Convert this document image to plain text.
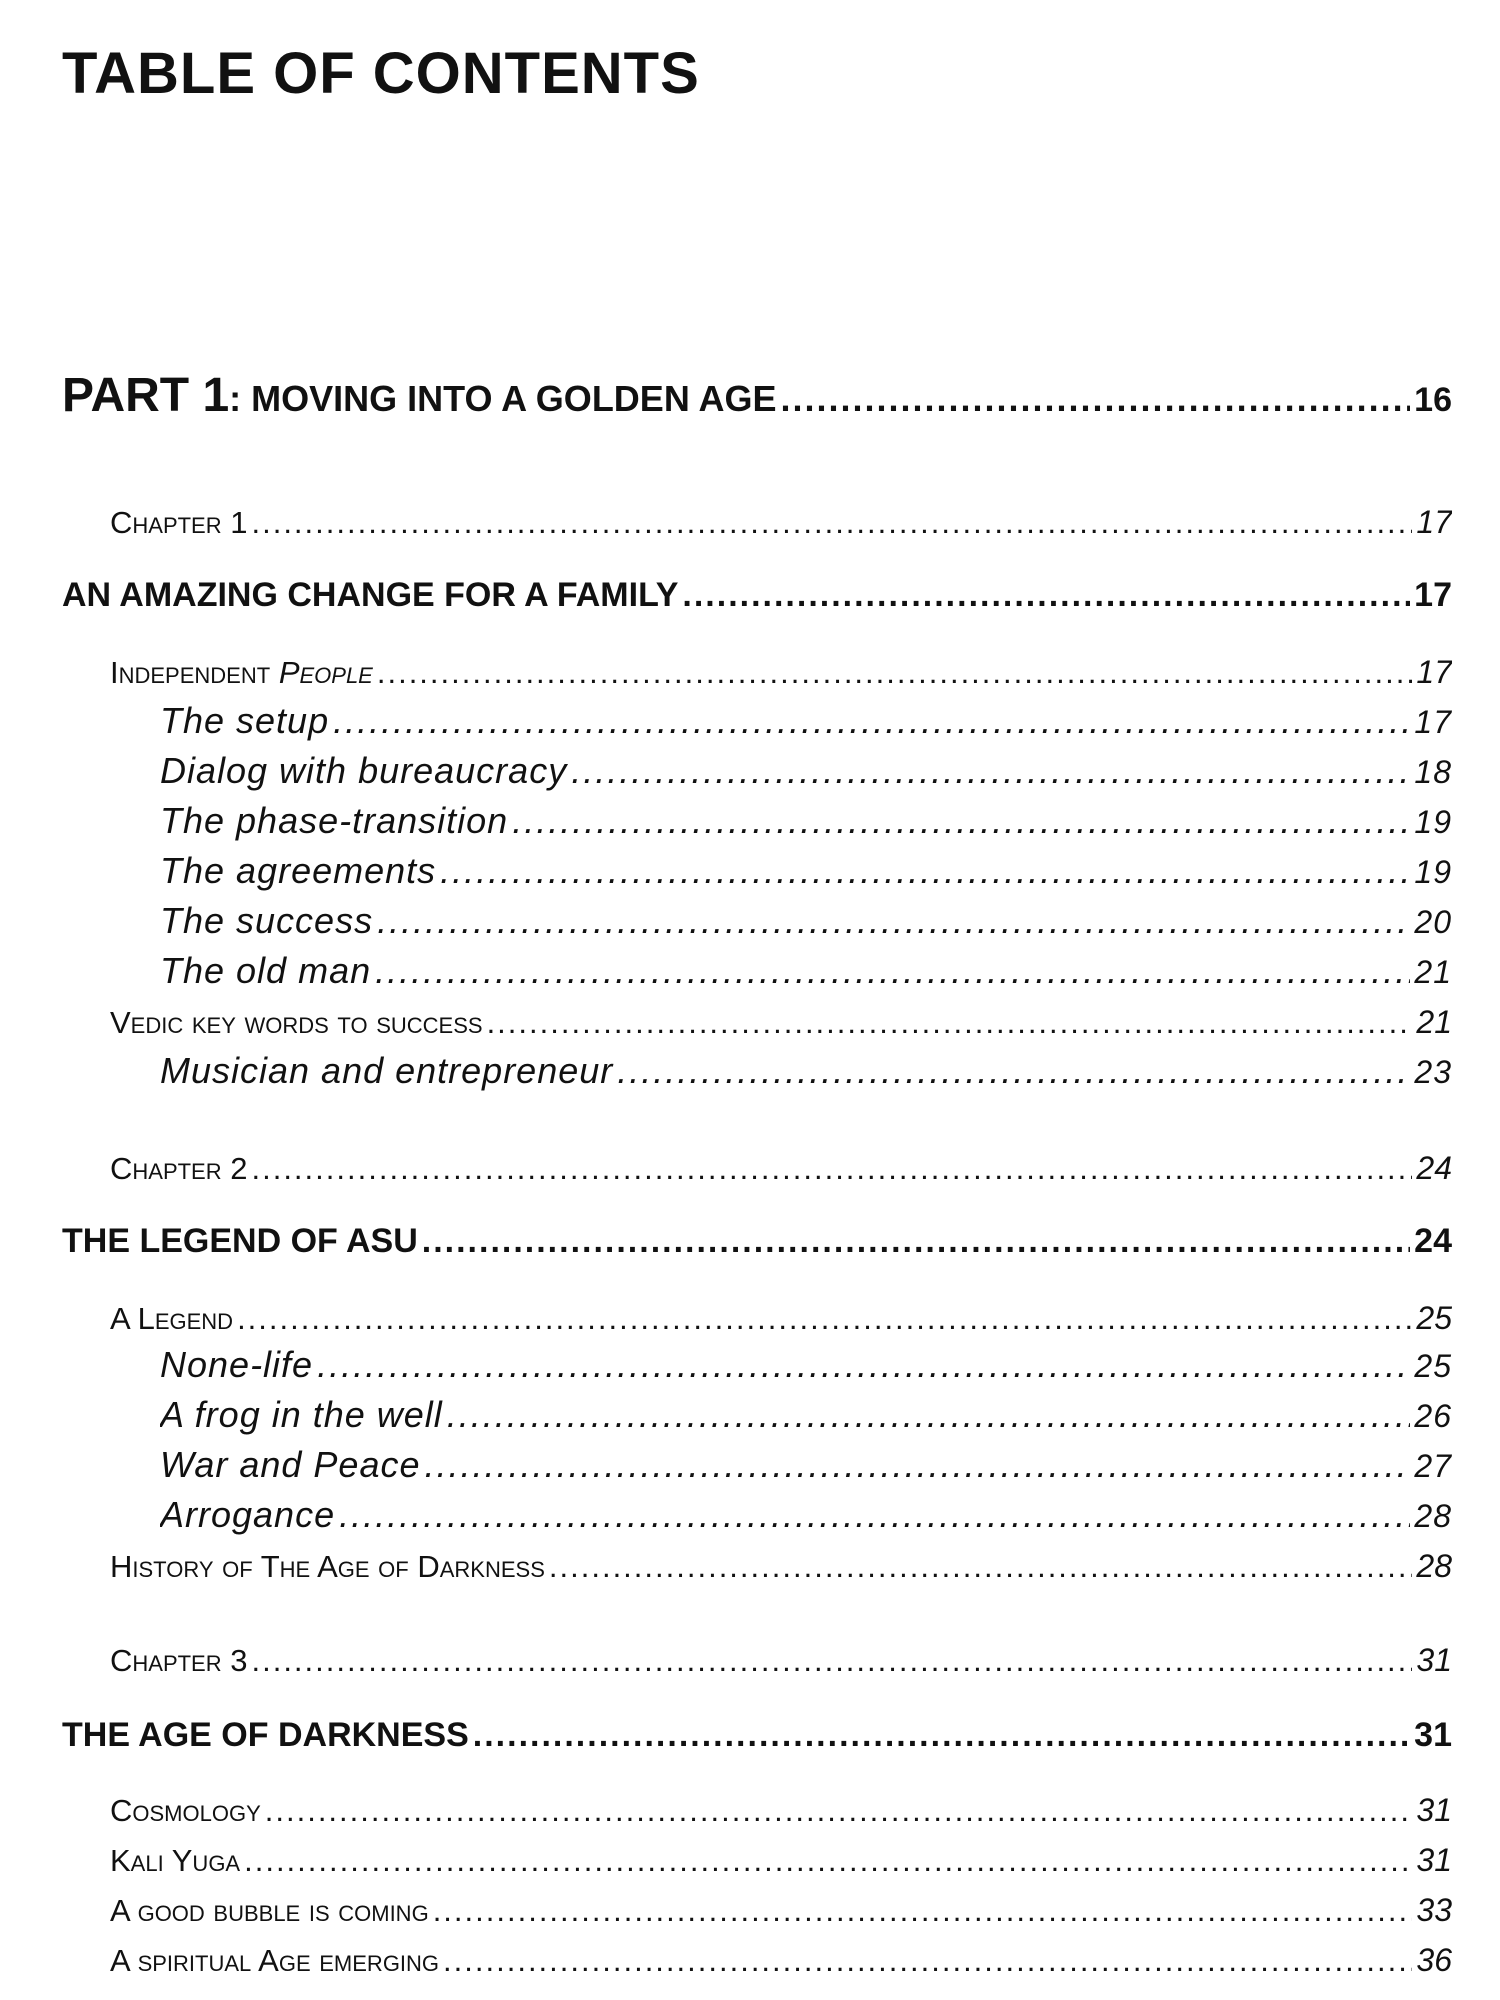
TABLE OF CONTENTS
PART 1: MOVING INTO A GOLDEN AGE .....	16
Chapter 1 .....	17
AN AMAZING CHANGE FOR A FAMILY .....	17
Independent People .....	17
The setup .....	17
Dialog with bureaucracy .....	18
The phase-transition .....	19
The agreements .....	19
The success .....	20
The old man .....	21
Vedic key words to success .....	21
Musician and entrepreneur .....	23
Chapter 2 .....	24
THE LEGEND OF ASU .....	24
A Legend .....	25
None-life .....	25
A frog in the well .....	26
War and Peace .....	27
Arrogance .....	28
History of The Age of Darkness .....	28
Chapter 3 .....	31
THE AGE OF DARKNESS .....	31
Cosmology .....	31
Kali Yuga .....	31
A good bubble is coming .....	33
A spiritual Age emerging .....	36
